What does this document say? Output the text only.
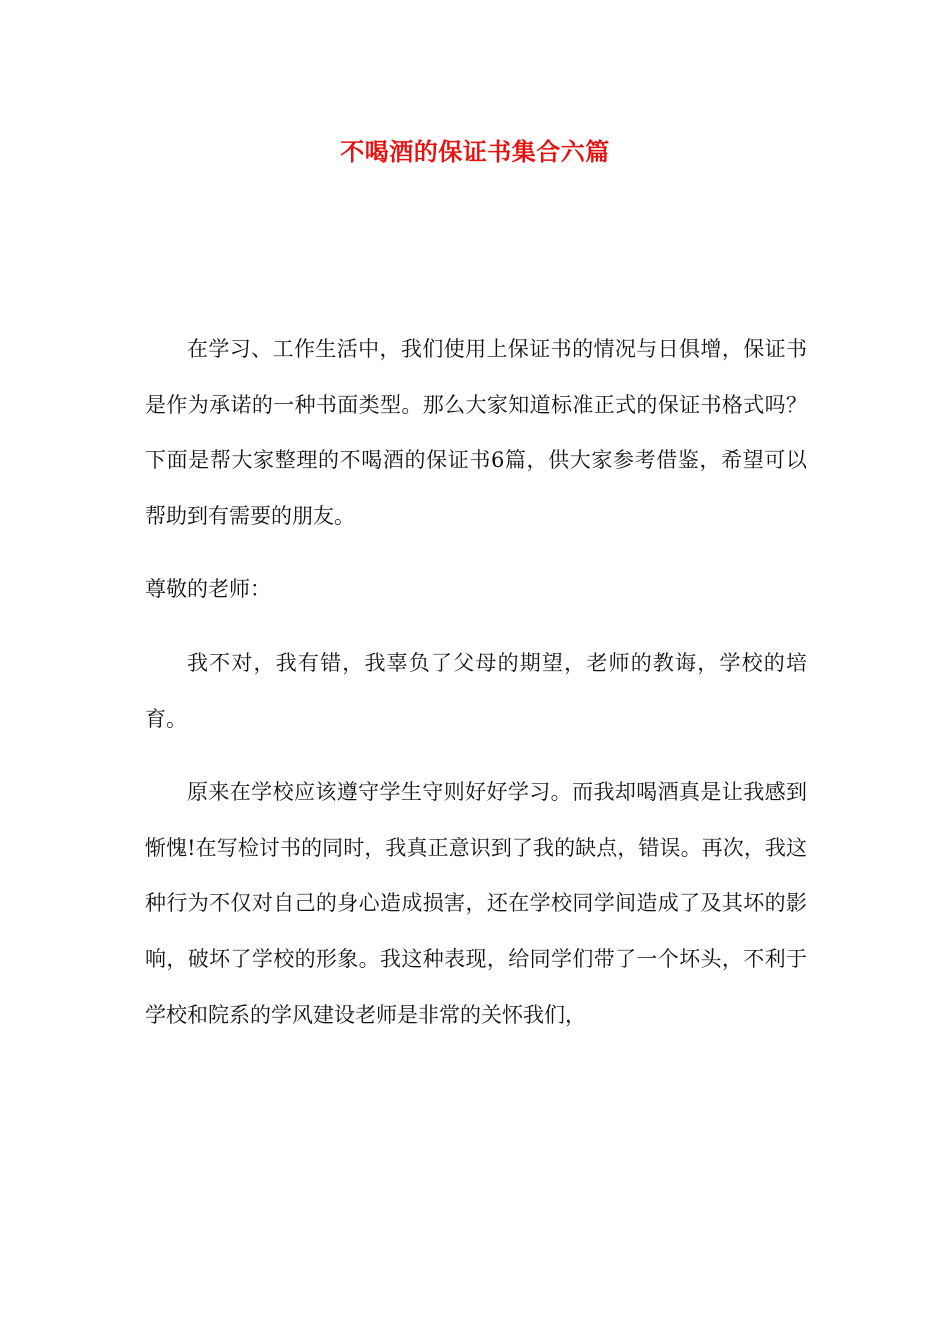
不喝酒的保证书集合六篇

在学习、工作生活中，我们使用上保证书的情况与日俱增，保证书是作为承诺的一种书面类型。那么大家知道标准正式的保证书格式吗？下面是帮大家整理的不喝酒的保证书6篇，供大家参考借鉴，希望可以帮助到有需要的朋友。

尊敬的老师：

我不对，我有错，我辜负了父母的期望，老师的教诲，学校的培育。

原来在学校应该遵守学生守则好好学习。而我却喝酒真是让我感到惭愧!在写检讨书的同时，我真正意识到了我的缺点，错误。再次，我这种行为不仅对自己的身心造成损害，还在学校同学间造成了及其坏的影响，破坏了学校的形象。我这种表现，给同学们带了一个坏头，不利于学校和院系的学风建设老师是非常的关怀我们，
